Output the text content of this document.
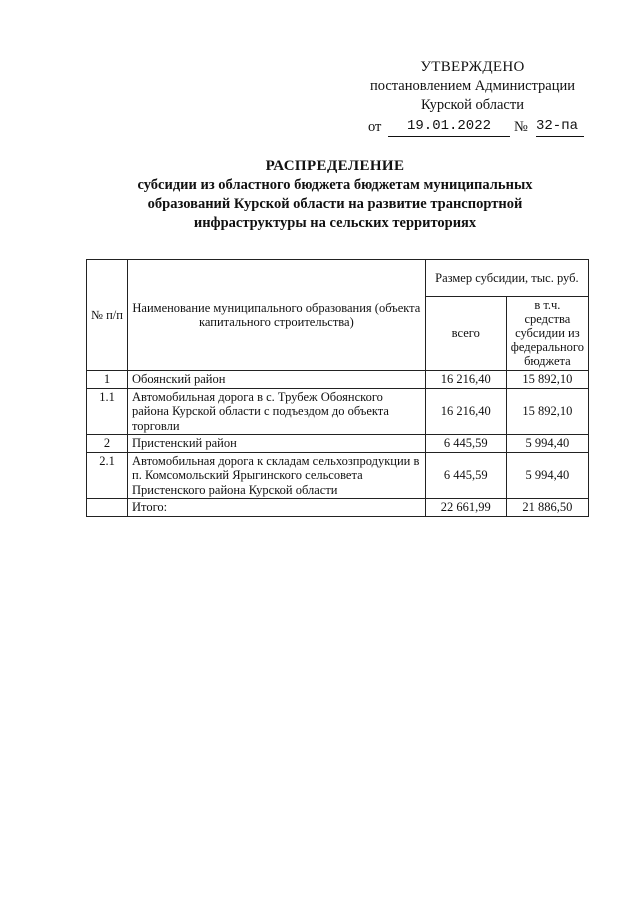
УТВЕРЖДЕНО
постановлением Администрации
Курской области
от	19.01.2022	№ 32-па
РАСПРЕДЕЛЕНИЕ
субсидии из областного бюджета бюджетам муниципальных
образований Курской области на развитие транспортной
инфраструктуры на сельских территориях
№ п/п	Наименование муниципального образования (объекта капитального строительства)	Размер субсидии, тыс. руб.	
		всего	в т.ч. средства субсидии из федерального бюджета
1	Обоянский район	16 216,40	15 892,10
1.1	Автомобильная дорога в с. Трубеж Обоянского района Курской области с подъездом до объекта торговли	16 216,40	15 892,10
2	Пристенский район	6 445,59	5 994,40
2.1	Автомобильная дорога к складам сельхозпродукции в п. Комсомольский Ярыгинского сельсовета Пристенского района Курской области	6 445,59	5 994,40
	Итого:	22 661,99	21 886,50
